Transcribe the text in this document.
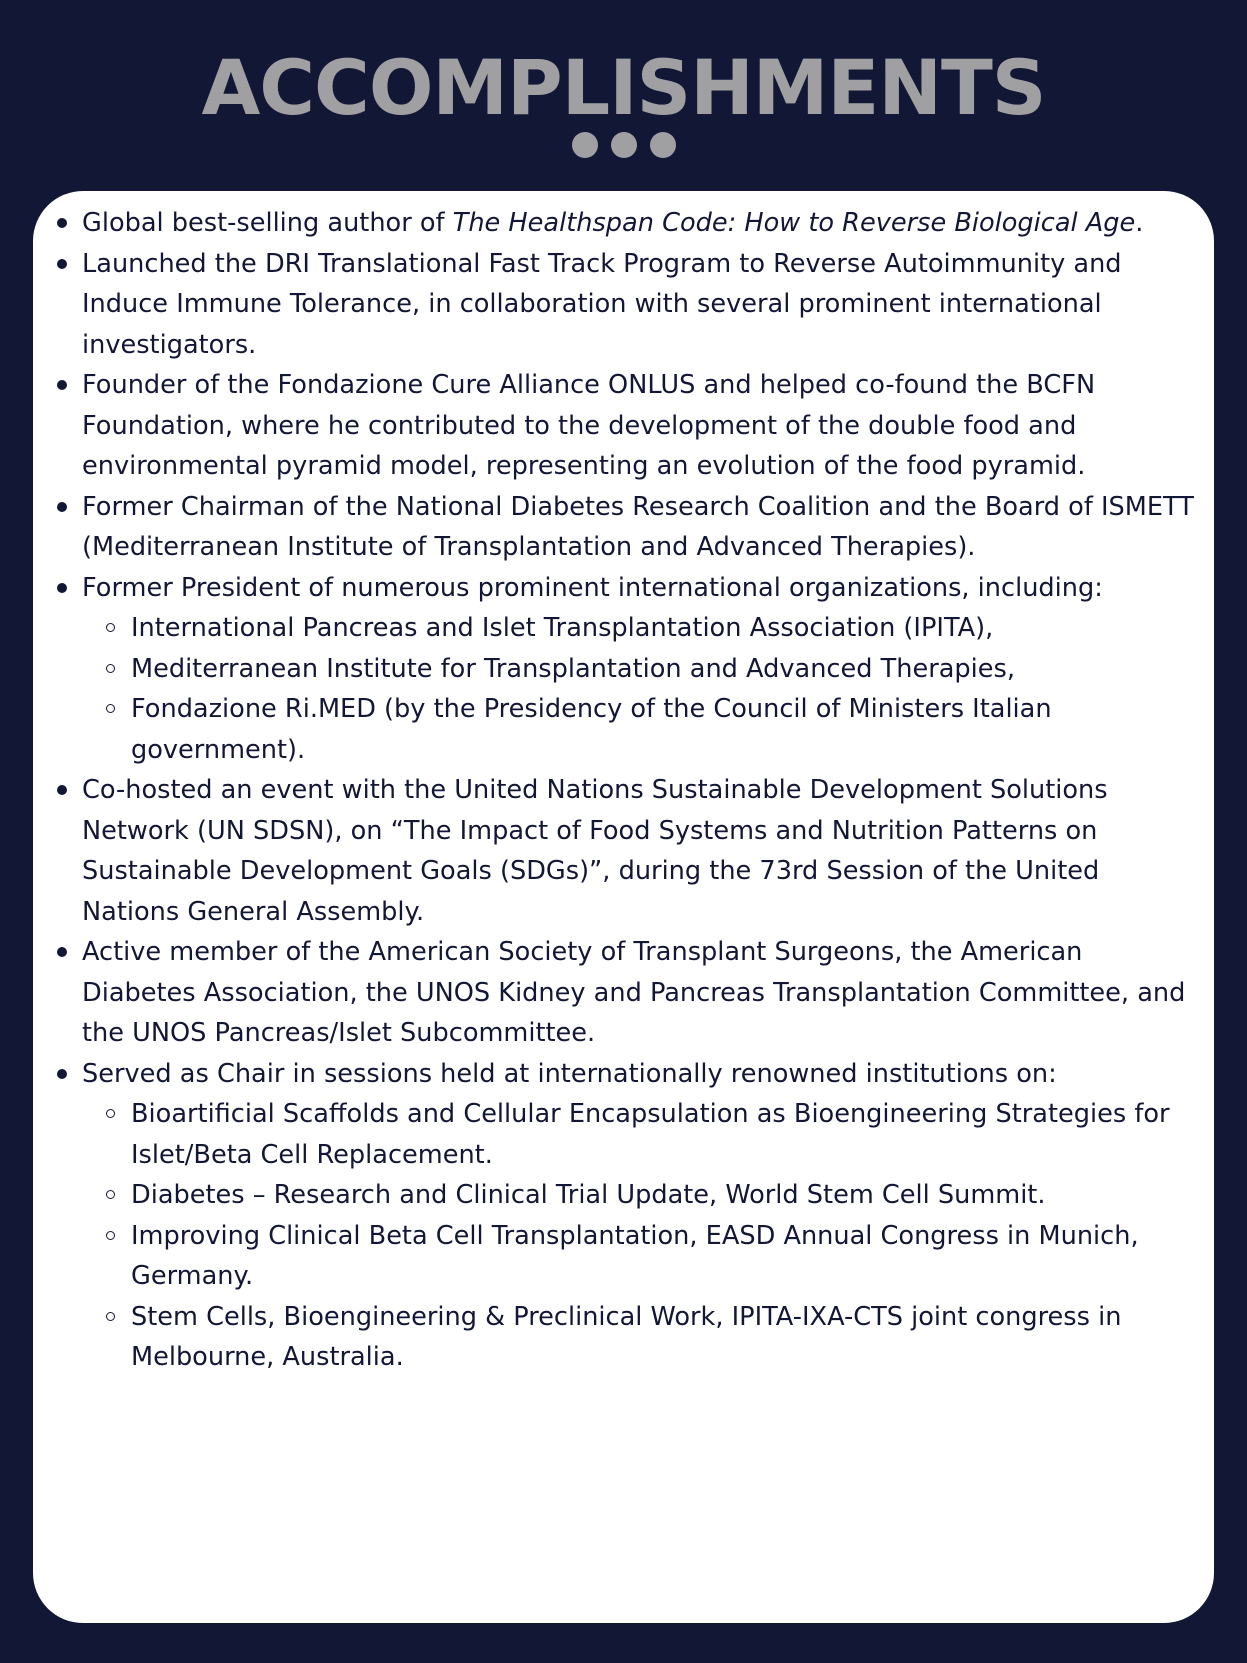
ACCOMPLISHMENTS
Global best-selling author of The Healthspan Code: How to Reverse Biological Age.
Launched the DRI Translational Fast Track Program to Reverse Autoimmunity and Induce Immune Tolerance, in collaboration with several prominent international investigators.
Founder of the Fondazione Cure Alliance ONLUS and helped co-found the BCFN Foundation, where he contributed to the development of the double food and environmental pyramid model, representing an evolution of the food pyramid.
Former Chairman of the National Diabetes Research Coalition and the Board of ISMETT (Mediterranean Institute of Transplantation and Advanced Therapies).
Former President of numerous prominent international organizations, including:
International Pancreas and Islet Transplantation Association (IPITA),
Mediterranean Institute for Transplantation and Advanced Therapies,
Fondazione Ri.MED (by the Presidency of the Council of Ministers Italian government).
Co-hosted an event with the United Nations Sustainable Development Solutions Network (UN SDSN), on “The Impact of Food Systems and Nutrition Patterns on Sustainable Development Goals (SDGs)”, during the 73rd Session of the United Nations General Assembly.
Active member of the American Society of Transplant Surgeons, the American Diabetes Association, the UNOS Kidney and Pancreas Transplantation Committee, and the UNOS Pancreas/Islet Subcommittee.
Served as Chair in sessions held at internationally renowned institutions on:
Bioartificial Scaffolds and Cellular Encapsulation as Bioengineering Strategies for Islet/Beta Cell Replacement.
Diabetes – Research and Clinical Trial Update, World Stem Cell Summit.
Improving Clinical Beta Cell Transplantation, EASD Annual Congress in Munich, Germany.
Stem Cells, Bioengineering & Preclinical Work, IPITA-IXA-CTS joint congress in Melbourne, Australia.
